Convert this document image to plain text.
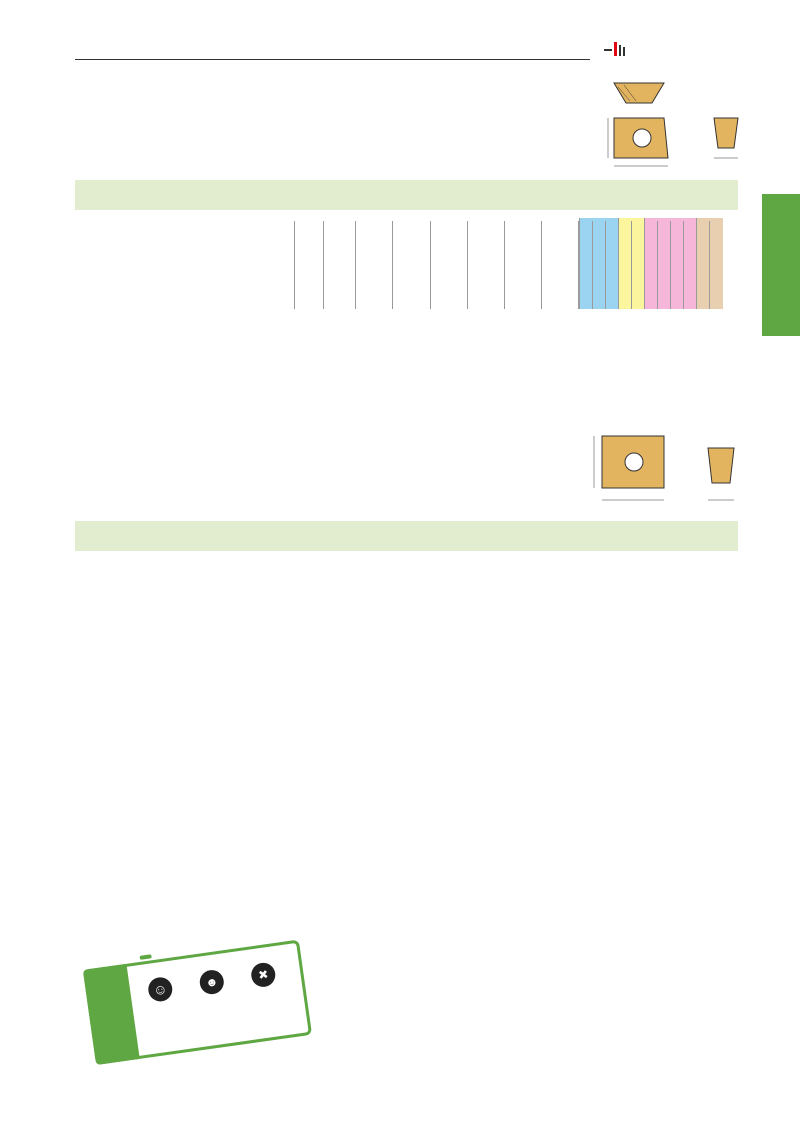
☺	☻	✖
